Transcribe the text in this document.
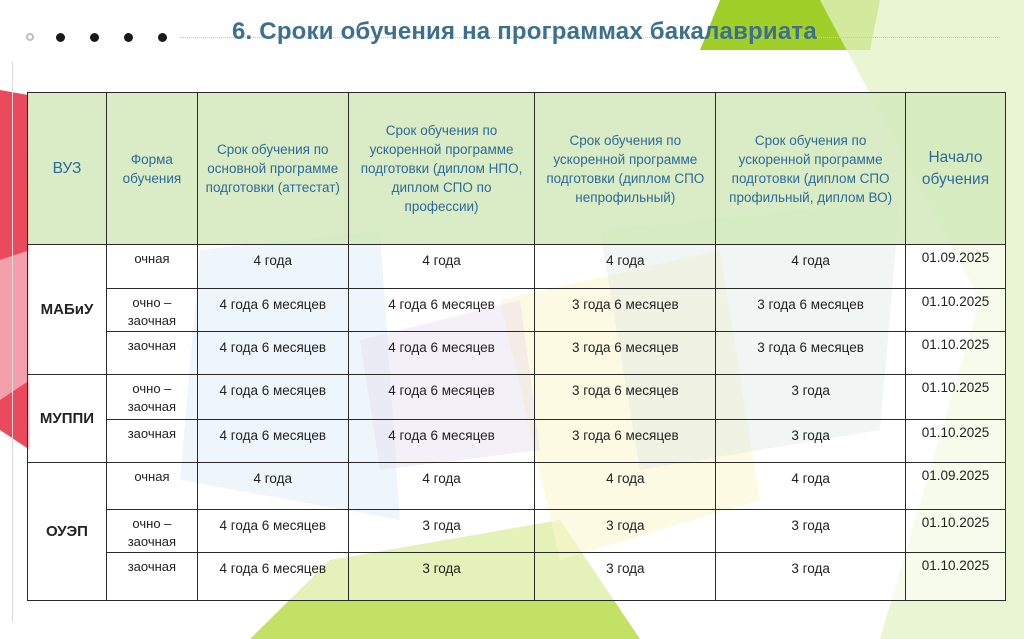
6. Сроки обучения на программах бакалавриата
ВУЗ	Форма обучения	Срок обучения по основной программе подготовки (аттестат)	Срок обучения по ускоренной программе подготовки (диплом НПО, диплом СПО по профессии)	Срок обучения по ускоренной программе подготовки (диплом СПО непрофильный)	Срок обучения по ускоренной программе подготовки (диплом СПО профильный, диплом ВО)	Начало обучения
МАБиУ	очная	4 года	4 года	4 года	4 года	01.09.2025
	очно – заочная	4 года 6 месяцев	4 года 6 месяцев	3 года 6 месяцев	3 года 6 месяцев	01.10.2025
	заочная	4 года 6 месяцев	4 года 6 месяцев	3 года 6 месяцев	3 года 6 месяцев	01.10.2025
МУППИ	очно – заочная	4 года 6 месяцев	4 года 6 месяцев	3 года 6 месяцев	3 года	01.10.2025
	заочная	4 года 6 месяцев	4 года 6 месяцев	3 года 6 месяцев	3 года	01.10.2025
ОУЭП	очная	4 года	4 года	4 года	4 года	01.09.2025
	очно – заочная	4 года 6 месяцев	3 года	3 года	3 года	01.10.2025
	заочная	4 года 6 месяцев	3 года	3 года	3 года	01.10.2025
